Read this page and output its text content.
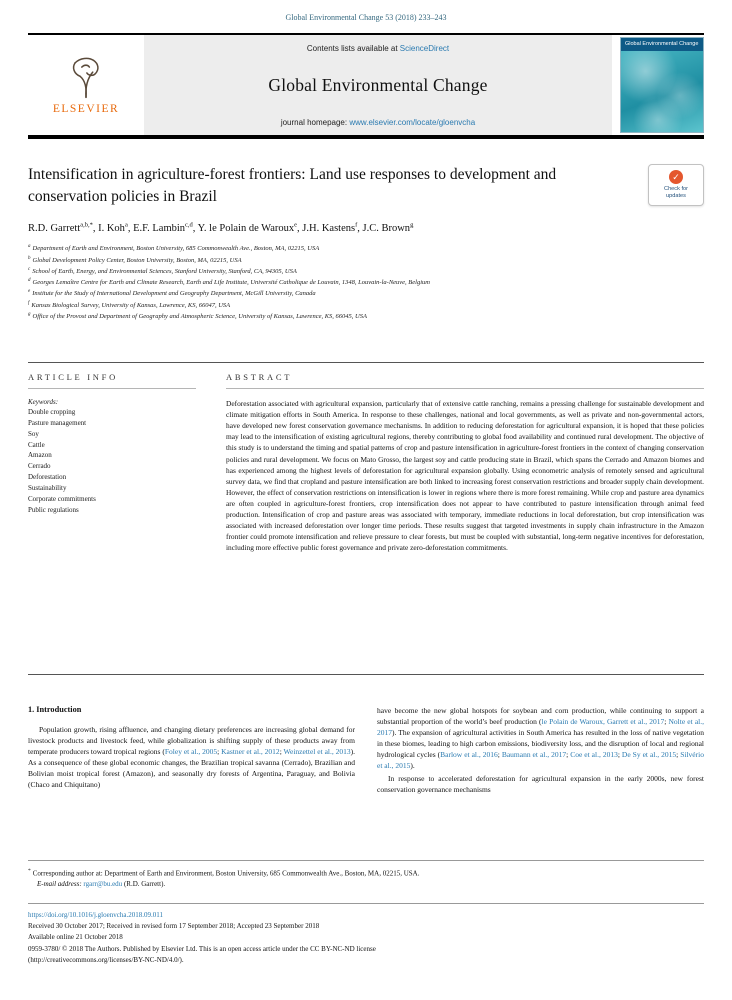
Global Environmental Change 53 (2018) 233–243
ELSEVIER
Contents lists available at ScienceDirect
Global Environmental Change
journal homepage: www.elsevier.com/locate/gloenvcha
Global Environmental Change
Intensification in agriculture-forest frontiers: Land use responses to development and conservation policies in Brazil
✓
Check for
updates
R.D. Garrett$^{a,b,*}$, I. Koh$^a$, E.F. Lambin$^{c,d}$, Y. le Polain de Waroux$^e$, J.H. Kastens$^f$, J.C. Brown$^g$
$^a$ Department of Earth and Environment, Boston University, 685 Commonwealth Ave., Boston, MA, 02215, USA
$^b$ Global Development Policy Center, Boston University, Boston, MA, 02215, USA
$^c$ School of Earth, Energy, and Environmental Sciences, Stanford University, Stanford, CA, 94305, USA
$^d$ Georges Lemaître Centre for Earth and Climate Research, Earth and Life Institute, Université Catholique de Louvain, 1348, Louvain-la-Neuve, Belgium
$^e$ Institute for the Study of International Development and Geography Department, McGill University, Canada
$^f$ Kansas Biological Survey, University of Kansas, Lawrence, KS, 66047, USA
$^g$ Office of the Provost and Department of Geography and Atmospheric Science, University of Kansas, Lawrence, KS, 66045, USA
ARTICLE INFO
Keywords:
Double cropping
Pasture management
Soy
Cattle
Amazon
Cerrado
Deforestation
Sustainability
Corporate commitments
Public regulations
ABSTRACT

Deforestation associated with agricultural expansion, particularly that of extensive cattle ranching, remains a pressing challenge for sustainable development and climate mitigation efforts in South America. In response to these challenges, national and local governments, as well as private and non-governmental actors, have developed new forest conservation governance mechanisms. In addition to reducing deforestation for agricultural expansion, it is hoped that these policies may lead to the intensification of existing agricultural regions, thereby contributing to global food availability and continued rural development. The objective of this study is to understand the timing and spatial patterns of crop and pasture intensification in agriculture-forest frontiers in the context of changing conservation policies and rural development. We focus on Mato Grosso, the largest soy and cattle producing state in Brazil, which spans the Cerrado and Amazon biomes and has experienced among the highest levels of deforestation for agricultural expansion globally. Using econometric analysis of remotely sensed and agricultural survey data, we find that cropland and pasture intensification are both linked to increasing forest conservation restrictions and broader supply chain development. However, the effect of conservation restrictions on intensification is lower in regions where there is more forest remaining. While crop and pasture area dynamics are often coupled in agriculture-forest frontiers, crop intensification does not appear to have contributed to pasture intensification through animal feed production. Intensification of crop and pasture areas was associated with temporary, immediate reductions in local deforestation, but crop intensification was associated with increased deforestation over longer time periods. These results suggest that targeted investments in supply chain infrastructure in the Amazon frontier could promote intensification and relieve pressure to clear forests, but must be coupled with substantial, long-term negative incentives for deforestation, including more effective public forest governance and private zero-deforestation commitments.

1. Introduction

Population growth, rising affluence, and changing dietary preferences are increasing global demand for livestock products and livestock feed, while globalization is shifting supply of these products away from temperate producers toward tropical regions (Foley et al., 2005; Kastner et al., 2012; Weinzettel et al., 2013). As a consequence of these global economic changes, the Brazilian tropical savanna (Cerrado), Brazilian and Bolivian moist tropical forest (Amazon), and seasonally dry forests of Argentina, Paraguay, and Bolivia (Chaco and Chiquitano)

have become the new global hotspots for soybean and corn production, while continuing to support a substantial proportion of the world’s beef production (le Polain de Waroux, Garrett et al., 2017; Nolte et al., 2017). The expansion of agricultural activities in South America has resulted in the loss of native vegetation in these biomes, leading to high carbon emissions, biodiversity loss, and the disruption of local and regional hydrological cycles (Barlow et al., 2016; Baumann et al., 2017; Coe et al., 2013; De Sy et al., 2015; Silvério et al., 2015).

In response to accelerated deforestation for agricultural expansion in the early 2000s, new forest conservation governance mechanisms

* Corresponding author at: Department of Earth and Environment, Boston University, 685 Commonwealth Ave., Boston, MA, 02215, USA.
E-mail address: rgarr@bu.edu (R.D. Garrett).
https://doi.org/10.1016/j.gloenvcha.2018.09.011
Received 30 October 2017; Received in revised form 17 September 2018; Accepted 23 September 2018
Available online 21 October 2018
0959-3780/ © 2018 The Authors. Published by Elsevier Ltd. This is an open access article under the CC BY-NC-ND license
(http://creativecommons.org/licenses/BY-NC-ND/4.0/).
